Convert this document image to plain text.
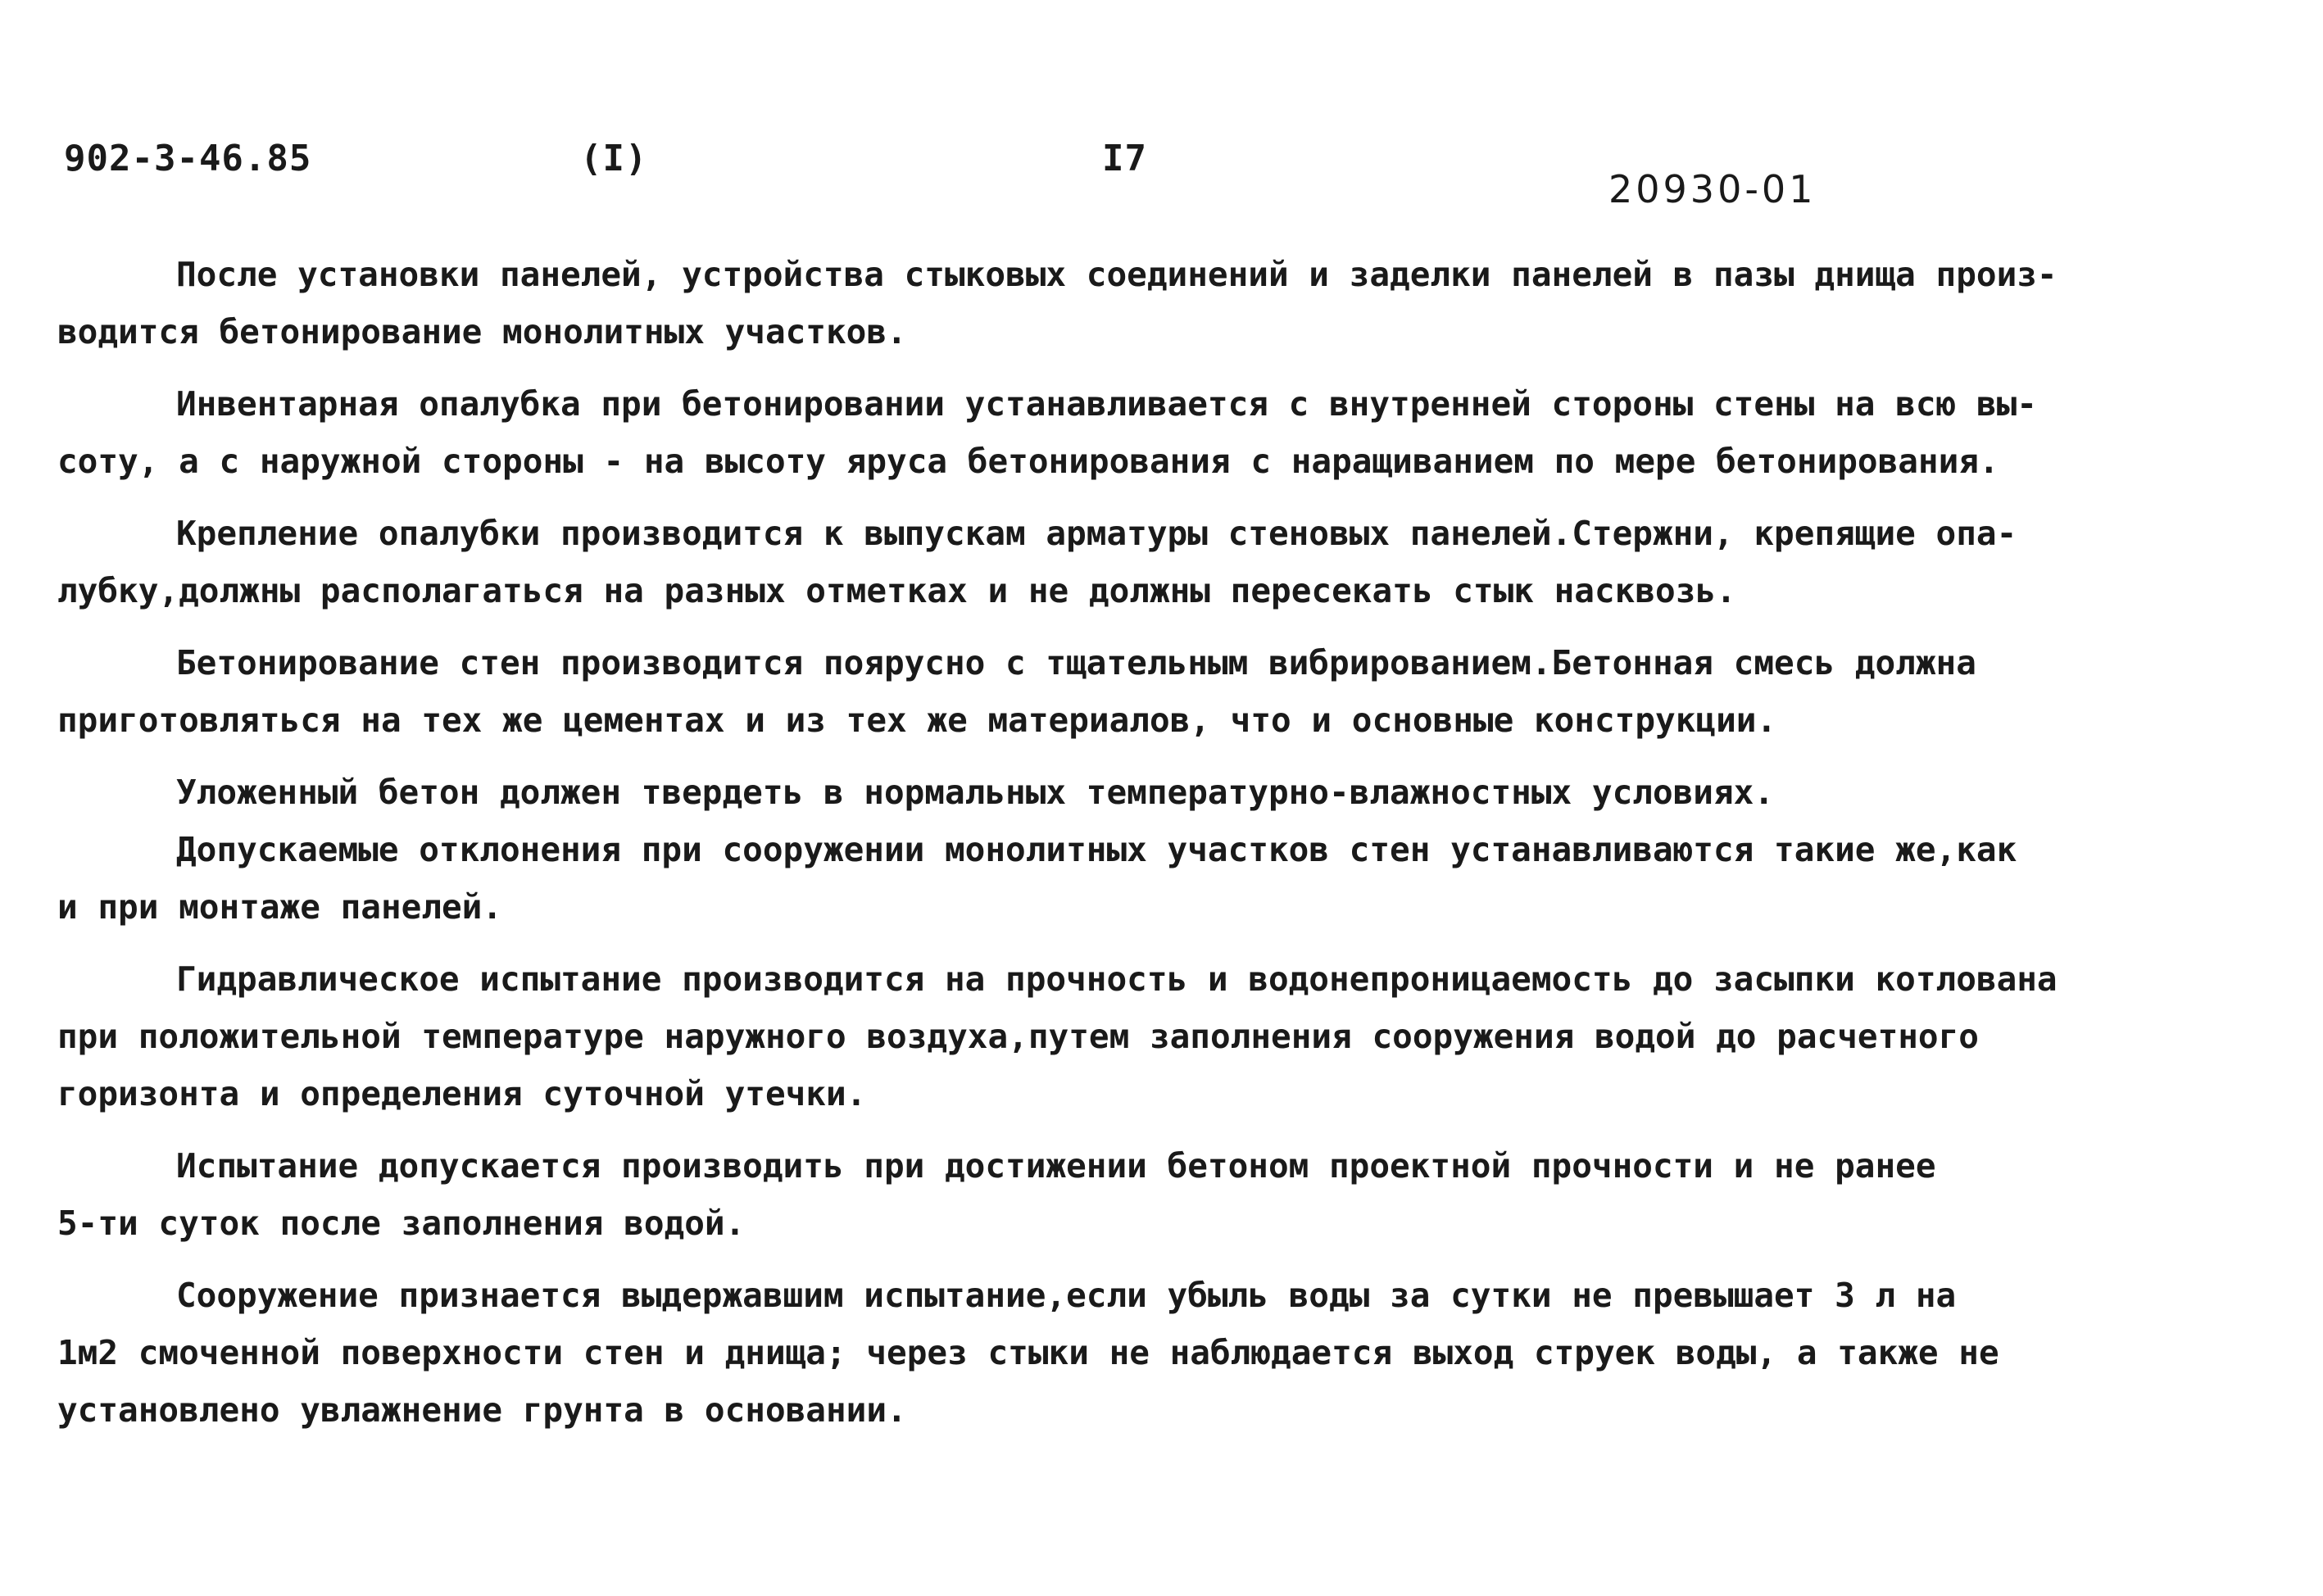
902-3-46.85	(I)	I7
20930-01

После установки панелей, устройства стыковых соединений и заделки панелей в пазы днища произ-
водится бетонирование монолитных участков.

Инвентарная опалубка при бетонировании устанавливается с внутренней стороны стены на всю вы-
соту, а с наружной стороны - на высоту яруса бетонирования с наращиванием по мере бетонирования.

Крепление опалубки производится к выпускам арматуры стеновых панелей.Стержни, крепящие опа-
лубку,должны располагаться на разных отметках и не должны пересекать стык насквозь.

Бетонирование стен производится поярусно с тщательным вибрированием.Бетонная смесь должна
приготовляться на тех же цементах и из тех же материалов, что и основные конструкции.

Уложенный бетон должен твердеть в нормальных температурно-влажностных условиях.

Допускаемые отклонения при сооружении монолитных участков стен устанавливаются такие же,как
и при монтаже панелей.

Гидравлическое испытание производится на прочность и водонепроницаемость до засыпки котлована
при положительной температуре наружного воздуха,путем заполнения сооружения водой до расчетного
горизонта и определения суточной утечки.

Испытание допускается производить при достижении бетоном проектной прочности и не ранее
5-ти суток после заполнения водой.

Сооружение признается выдержавшим испытание,если убыль воды за сутки не превышает 3 л на
1м2 смоченной поверхности стен и днища; через стыки не наблюдается выход струек воды, а также не
установлено увлажнение грунта в основании.
